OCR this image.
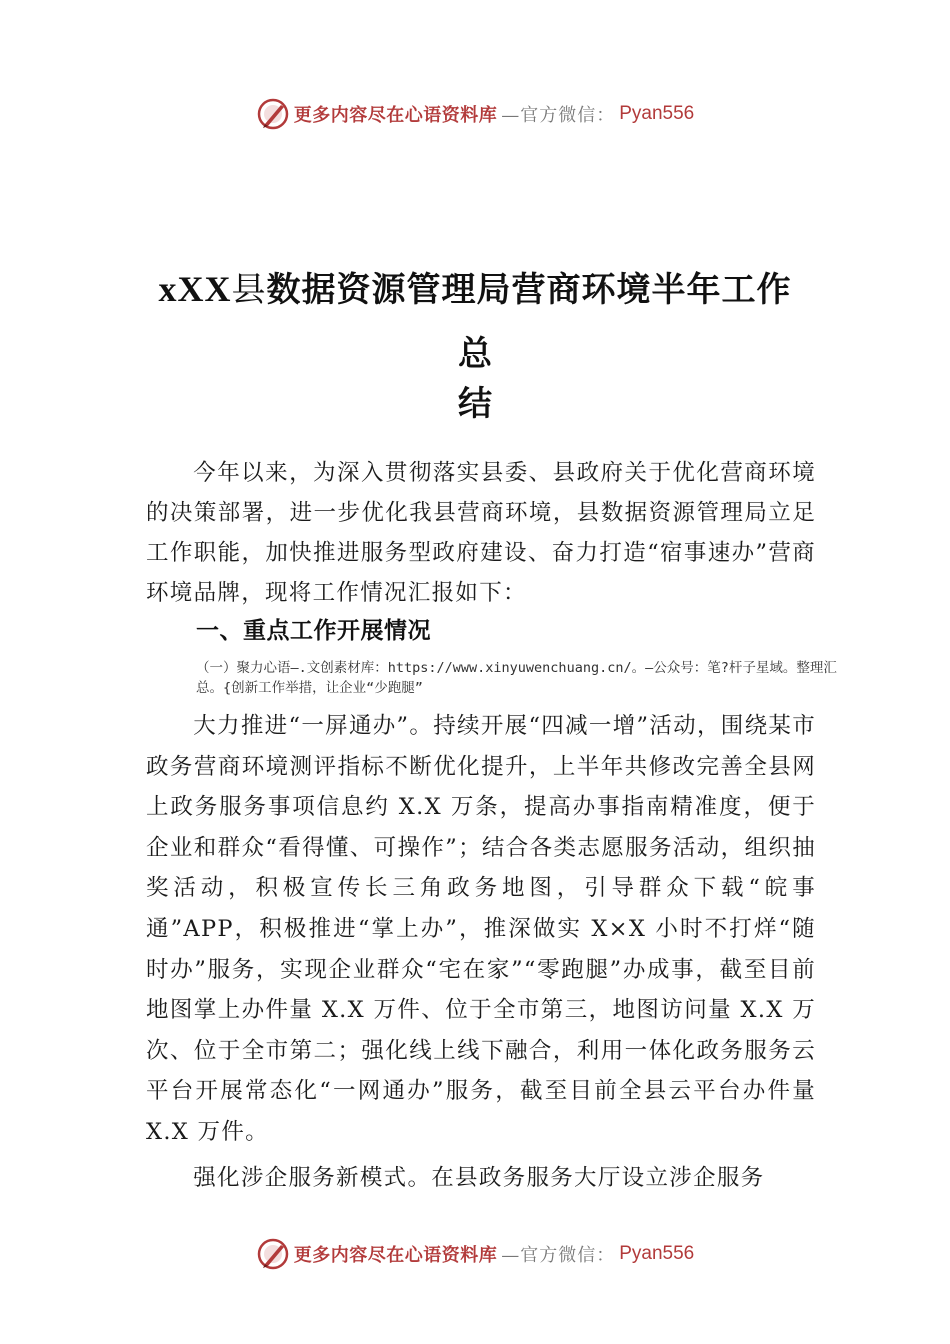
更多内容尽在心语资料库 —官方微信： Pyan556
xXX县数据资源管理局营商环境半年工作
总
结

今年以来，为深入贯彻落实县委、县政府关于优化营商环境的决策部署，进一步优化我县营商环境，县数据资源管理局立足工作职能，加快推进服务型政府建设、奋力打造“宿事速办”营商环境品牌，现将工作情况汇报如下：

一、重点工作开展情况
（一）聚力心语—.文创素材库：https://www.xinyuwenchuang.cn/。—公众号：笔?杆子星域。整理汇总。{创新工作举措，让企业“少跑腿”

大力推进“一屏通办”。持续开展“四减一增”活动，围绕某市政务营商环境测评指标不断优化提升，上半年共修改完善全县网上政务服务事项信息约 X.X 万条，提高办事指南精准度，便于企业和群众“看得懂、可操作”；结合各类志愿服务活动，组织抽奖活动，积极宣传长三角政务地图，引导群众下载“皖事通”APP，积极推进“掌上办”，推深做实 X×X 小时不打烊“随时办”服务，实现企业群众“宅在家”“零跑腿”办成事，截至目前地图掌上办件量 X.X 万件、位于全市第三，地图访问量 X.X 万次、位于全市第二；强化线上线下融合，利用一体化政务服务云平台开展常态化“一网通办”服务，截至目前全县云平台办件量 X.X 万件。

强化涉企服务新模式。在县政务服务大厅设立涉企服务

更多内容尽在心语资料库 —官方微信： Pyan556
